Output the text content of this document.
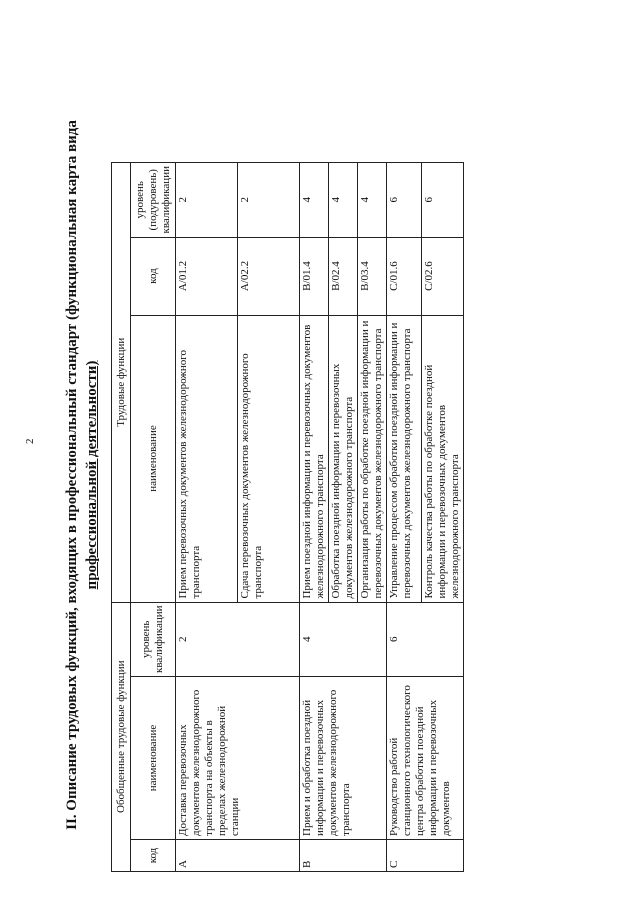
2 II. Описание трудовых функций, входящих в профессиональный стандарт (функциональная карта вида профессиональной деятельности)
Обобщенные трудовые функции			Трудовые функции		
код	наименование	уровень квалификации	наименование	код	уровень (подуровень) квалификации
A	Доставка перевозочных документов железнодорожного транспорта на объекты в пределах железнодорожной станции	2	Прием перевозочных документов железнодорожного транспорта	A/01.2	2
			Сдача перевозочных документов железнодорожного транспорта	A/02.2	2
B	Прием и обработка поездной информации и перевозочных документов железнодорожного транспорта	4	Прием поездной информации и перевозочных документов железнодорожного транспорта	B/01.4	4
			Обработка поездной информации и перевозочных документов железнодорожного транспорта	B/02.4	4
			Организация работы по обработке поездной информации и перевозочных документов железнодорожного транспорта	B/03.4	4
C	Руководство работой станционного технологического центра обработки поездной информации и перевозочных документов	6	Управление процессом обработки поездной информации и перевозочных документов железнодорожного транспорта	C/01.6	6
			Контроль качества работы по обработке поездной информации и перевозочных документов железнодорожного транспорта	C/02.6	6
